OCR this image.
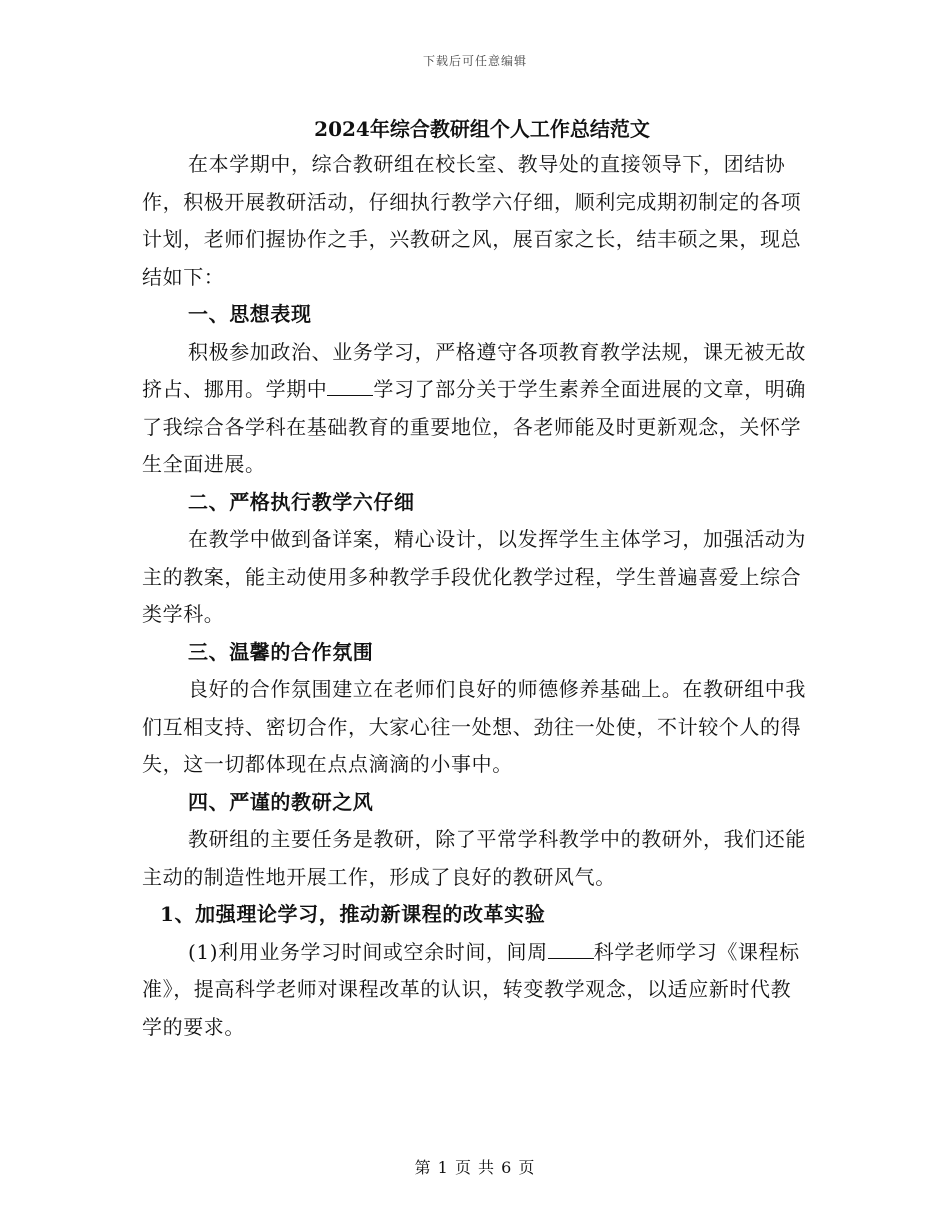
下载后可任意编辑
2024年综合教研组个人工作总结范文

在本学期中，综合教研组在校长室、教导处的直接领导下，团结协作，积极开展教研活动，仔细执行教学六仔细，顺利完成期初制定的各项计划，老师们握协作之手，兴教研之风，展百家之长，结丰硕之果，现总结如下：

一、思想表现

积极参加政治、业务学习，严格遵守各项教育教学法规，课无被无故挤占、挪用。学期中 学习了部分关于学生素养全面进展的文章，明确了我综合各学科在基础教育的重要地位，各老师能及时更新观念，关怀学生全面进展。

二、严格执行教学六仔细

在教学中做到备详案，精心设计，以发挥学生主体学习，加强活动为主的教案，能主动使用多种教学手段优化教学过程，学生普遍喜爱上综合类学科。

三、温馨的合作氛围

良好的合作氛围建立在老师们良好的师德修养基础上。在教研组中我们互相支持、密切合作，大家心往一处想、劲往一处使，不计较个人的得失，这一切都体现在点点滴滴的小事中。

四、严谨的教研之风

教研组的主要任务是教研，除了平常学科教学中的教研外，我们还能主动的制造性地开展工作，形成了良好的教研风气。

1、加强理论学习，推动新课程的改革实验

(1)利用业务学习时间或空余时间，间周 科学老师学习《课程标准》，提高科学老师对课程改革的认识，转变教学观念，以适应新时代教学的要求。

第 1 页 共 6 页
